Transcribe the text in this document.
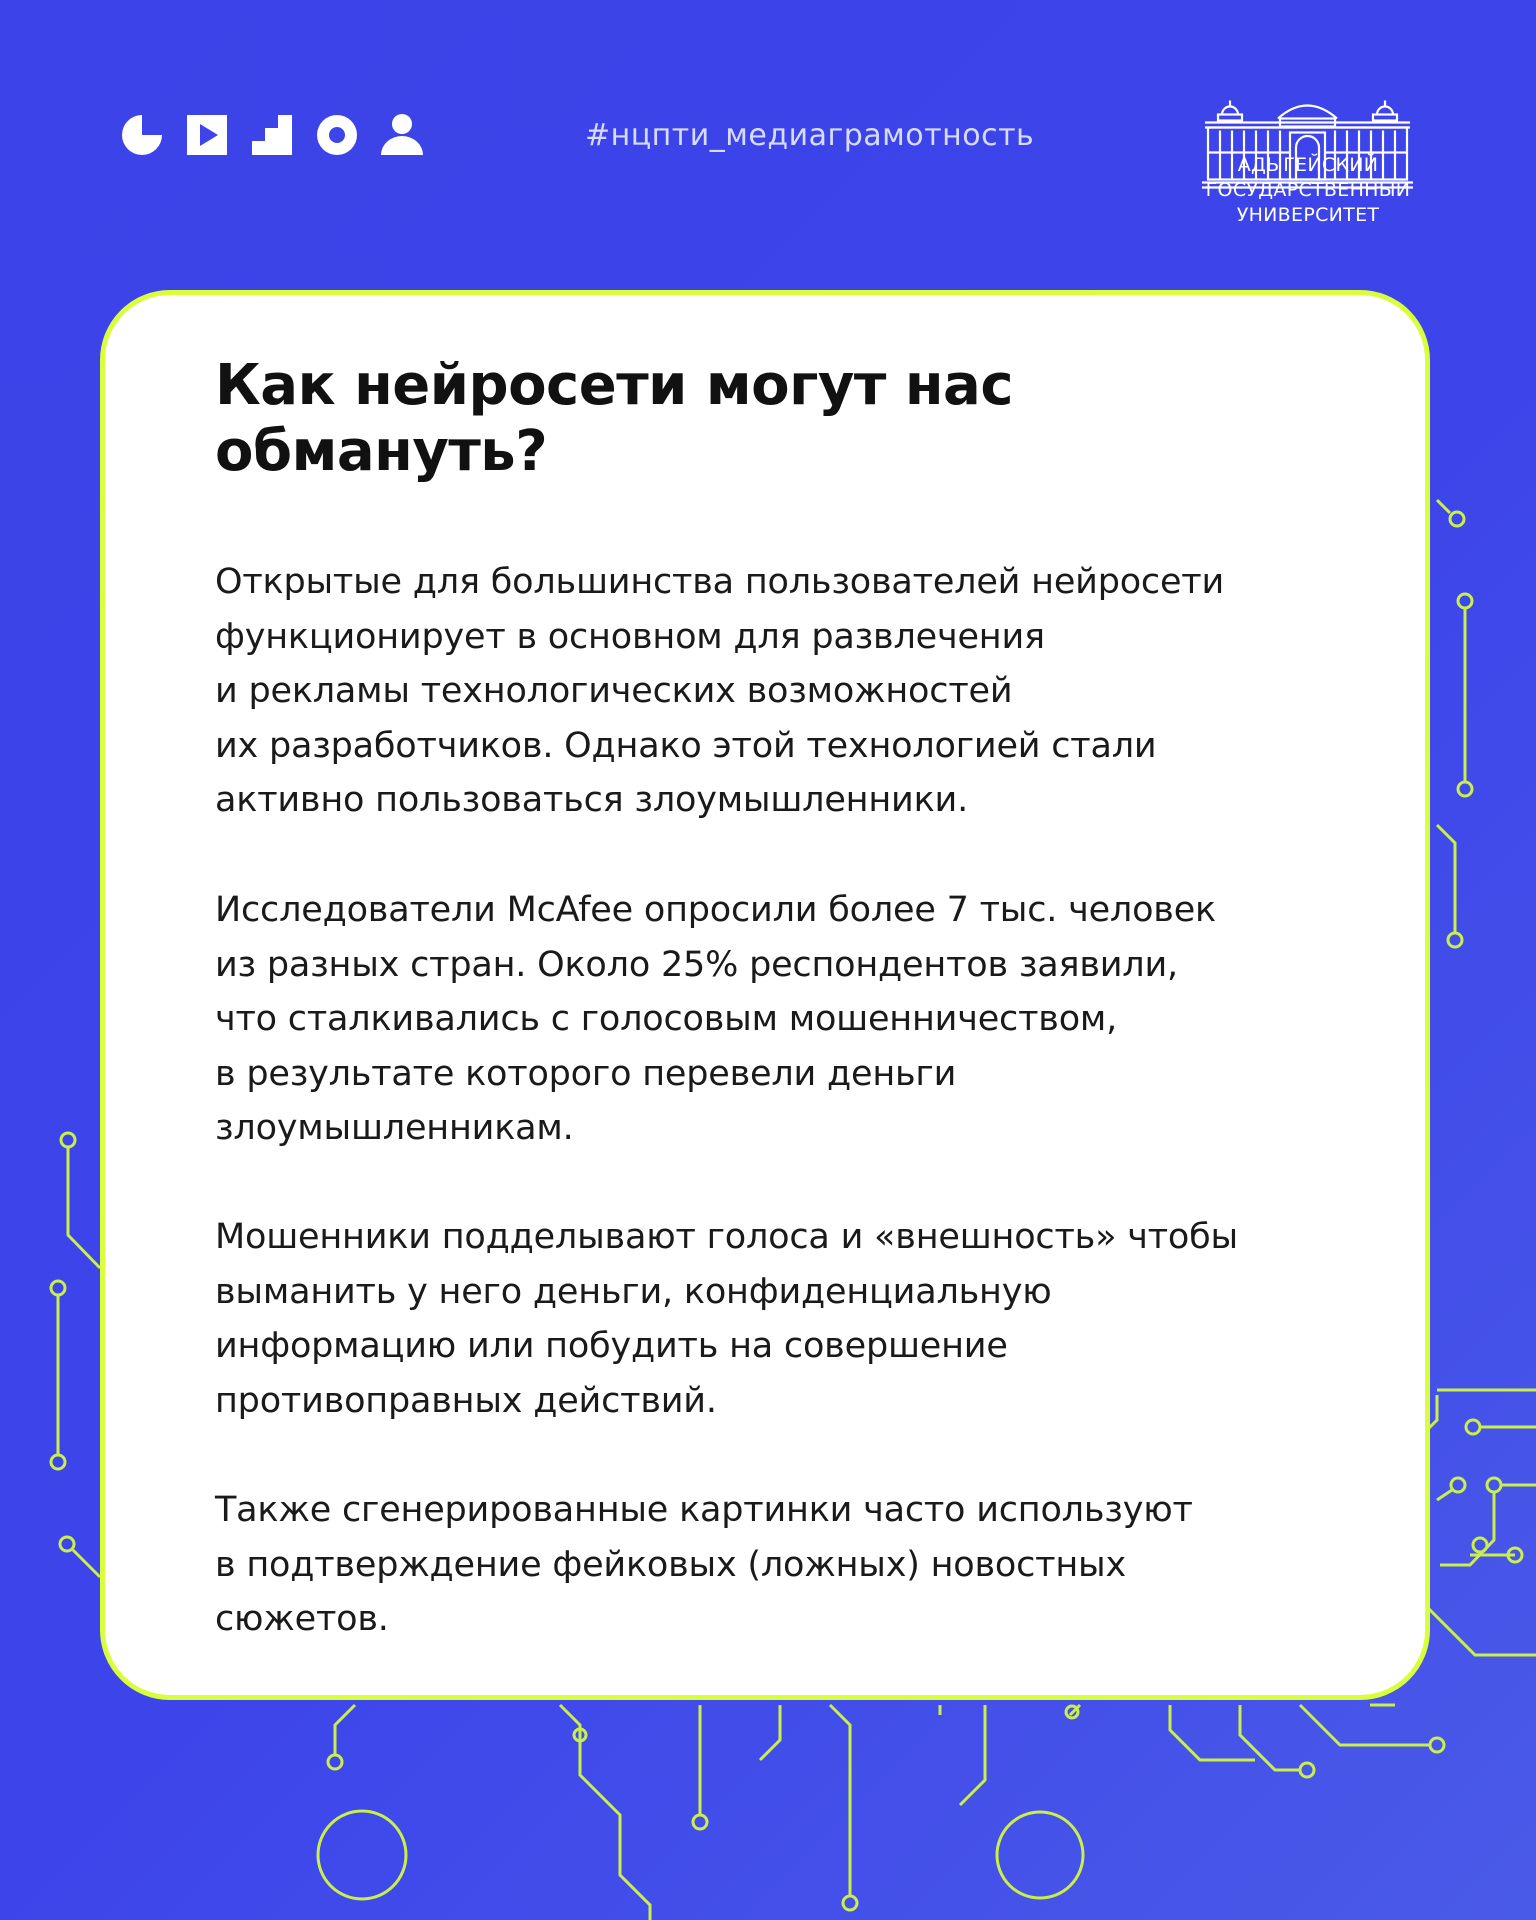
#нцпти_медиаграмотность
АДЫГЕЙСКИЙ
ГОСУДАРСТВЕННЫЙ
УНИВЕРСИТЕТ
Как нейросети могут нас
обмануть?

Открытые для большинства пользователей нейросети
функционирует в основном для развлечения
и рекламы технологических возможностей
их разработчиков. Однако этой технологией стали
активно пользоваться злоумышленники.

Исследователи McAfee опросили более 7 тыс. человек
из разных стран. Около 25% респондентов заявили,
что сталкивались с голосовым мошенничеством,
в результате которого перевели деньги
злоумышленникам.

Мошенники подделывают голоса и «внешность» чтобы
выманить у него деньги, конфиденциальную
информацию или побудить на совершение
противоправных действий.

Также сгенерированные картинки часто используют
в подтверждение фейковых (ложных) новостных
сюжетов.
